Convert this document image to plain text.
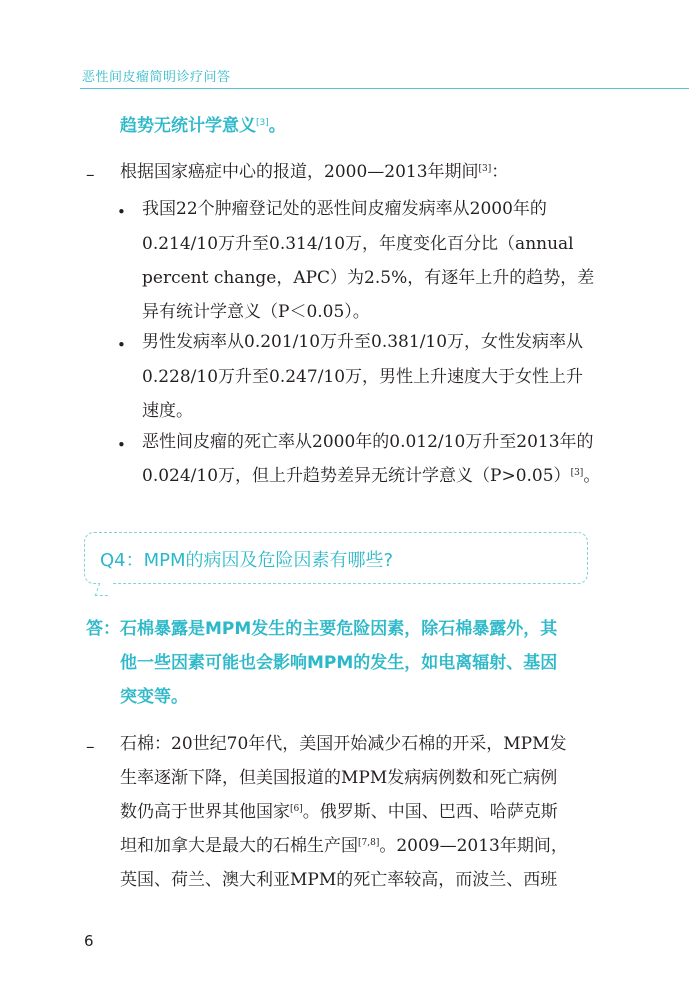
恶性间皮瘤简明诊疗问答
趋势无统计学意义[3]。
– 根据国家癌症中心的报道，2000—2013年期间[3]：
• 我国22个肿瘤登记处的恶性间皮瘤发病率从2000年的
0.214/10万升至0.314/10万，年度变化百分比（annual
percent change，APC）为2.5%，有逐年上升的趋势，差
异有统计学意义（P＜0.05）。
• 男性发病率从0.201/10万升至0.381/10万，女性发病率从
0.228/10万升至0.247/10万，男性上升速度大于女性上升
速度。
• 恶性间皮瘤的死亡率从2000年的0.012/10万升至2013年的
0.024/10万，但上升趋势差异无统计学意义（P>0.05）[3]。
Q4：MPM的病因及危险因素有哪些?
答：石棉暴露是MPM发生的主要危险因素，除石棉暴露外，其
他一些因素可能也会影响MPM的发生，如电离辐射、基因
突变等。
– 石棉：20世纪70年代，美国开始减少石棉的开采，MPM发
生率逐渐下降，但美国报道的MPM发病病例数和死亡病例
数仍高于世界其他国家[6]。俄罗斯、中国、巴西、哈萨克斯
坦和加拿大是最大的石棉生产国[7,8]。2009—2013年期间，
英国、荷兰、澳大利亚MPM的死亡率较高，而波兰、西班
6
